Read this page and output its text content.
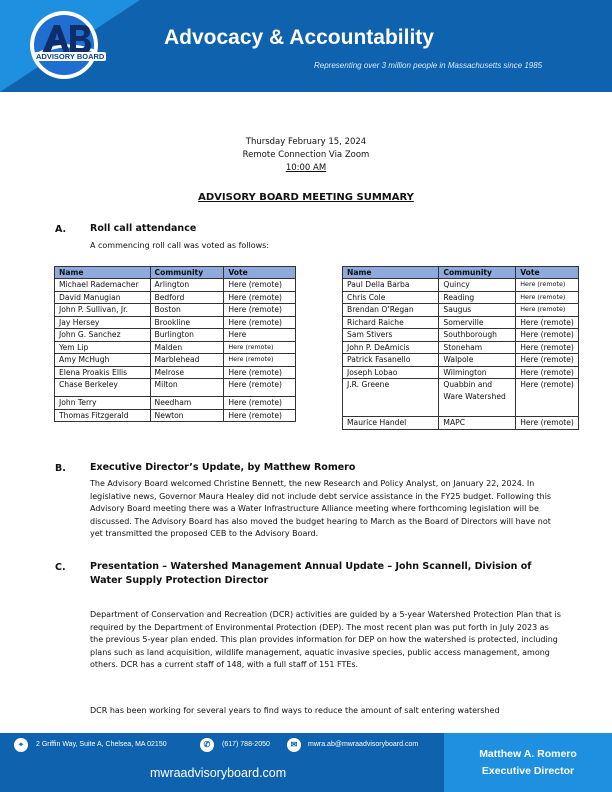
ADVISORY BOARD
Advocacy & Accountability
Representing over 3 million people in Massachusetts since 1985
Thursday February 15, 2024
Remote Connection Via Zoom
10:00 AM
ADVISORY BOARD MEETING SUMMARY
A.	Roll call attendance
A commencing roll call was voted as follows:
Name	Community	Vote
Michael Rademacher	Arlington	Here (remote)
David Manugian	Bedford	Here (remote)
John P. Sullivan, Jr.	Boston	Here (remote)
Jay Hersey	Brookline	Here (remote)
John G. Sanchez	Burlington	Here
Yem Lip	Malden	Here (remote)
Amy McHugh	Marblehead	Here (remote)
Elena Proakis Ellis	Melrose	Here (remote)
Chase Berkeley	Milton	Here (remote)
John Terry	Needham	Here (remote)
Thomas Fitzgerald	Newton	Here (remote)
Name	Community	Vote
Paul Della Barba	Quincy	Here (remote)
Chris Cole	Reading	Here (remote)
Brendan O’Regan	Saugus	Here (remote)
Richard Raiche	Somerville	Here (remote)
Sam Stivers	Southborough	Here (remote)
John P. DeAmicis	Stoneham	Here (remote)
Patrick Fasanello	Walpole	Here (remote)
Joseph Lobao	Wilmington	Here (remote)
J.R. Greene	Quabbin and Ware Watershed	Here (remote)
Maurice Handel	MAPC	Here (remote)
B.	Executive Director’s Update, by Matthew Romero
The Advisory Board welcomed Christine Bennett, the new Research and Policy Analyst, on January 22, 2024. In legislative news, Governor Maura Healey did not include debt service assistance in the FY25 budget. Following this Advisory Board meeting there was a Water Infrastructure Alliance meeting where forthcoming legislation will be discussed. The Advisory Board has also moved the budget hearing to March as the Board of Directors will have not yet transmitted the proposed CEB to the Advisory Board.
C.	Presentation – Watershed Management Annual Update – John Scannell, Division of Water Supply Protection Director
Department of Conservation and Recreation (DCR) activities are guided by a 5-year Watershed Protection Plan that is required by the Department of Environmental Protection (DEP). The most recent plan was put forth in July 2023 as the previous 5-year plan ended. This plan provides information for DEP on how the watershed is protected, including plans such as land acquisition, wildlife management, aquatic invasive species, public access management, among others. DCR has a current staff of 148, with a full staff of 151 FTEs.
DCR has been working for several years to find ways to reduce the amount of salt entering watershed
⌖	2 Griffin Way, Suite A, Chelsea, MA 02150	✆	(617) 788-2050	✉	mwra.ab@mwraadvisoryboard.com
mwraadvisoryboard.com
Matthew A. Romero
Executive Director
